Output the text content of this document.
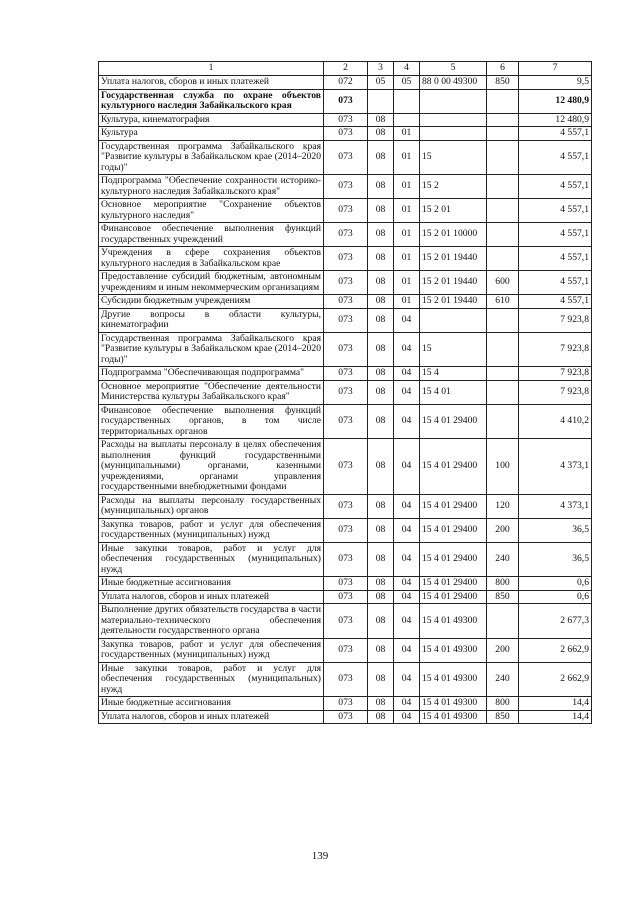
1	2	3	4	5	6	7
Уплата налогов, сборов и иных платежей	072	05	05	88 0 00 49300	850	9,5
Государственная служба по охране объектов культурного наследия Забайкальского края	073					12 480,9
Культура, кинематография	073	08				12 480,9
Культура	073	08	01			4 557,1
Государственная программа Забайкальского края "Развитие культуры в Забайкальском крае (2014–2020 годы)"	073	08	01	15		4 557,1
Подпрограмма "Обеспечение сохранности историко-культурного наследия Забайкальского края"	073	08	01	15 2		4 557,1
Основное мероприятие "Сохранение объектов культурного наследия"	073	08	01	15 2 01		4 557,1
Финансовое обеспечение выполнения функций государственных учреждений	073	08	01	15 2 01 10000		4 557,1
Учреждения в сфере сохранения объектов культурного наследия в Забайкальском крае	073	08	01	15 2 01 19440		4 557,1
Предоставление субсидий бюджетным, автономным учреждениям и иным некоммерческим организациям	073	08	01	15 2 01 19440	600	4 557,1
Субсидии бюджетным учреждениям	073	08	01	15 2 01 19440	610	4 557,1
Другие вопросы в области культуры, кинематографии	073	08	04			7 923,8
Государственная программа Забайкальского края "Развитие культуры в Забайкальском крае (2014–2020 годы)"	073	08	04	15		7 923,8
Подпрограмма "Обеспечивающая подпрограмма"	073	08	04	15 4		7 923,8
Основное мероприятие "Обеспечение деятельности Министерства культуры Забайкальского края"	073	08	04	15 4 01		7 923,8
Финансовое обеспечение выполнения функций государственных органов, в том числе территориальных органов	073	08	04	15 4 01 29400		4 410,2
Расходы на выплаты персоналу в целях обеспечения выполнения функций государственными (муниципальными) органами, казенными учреждениями, органами управления государственными внебюджетными фондами	073	08	04	15 4 01 29400	100	4 373,1
Расходы на выплаты персоналу государственных (муниципальных) органов	073	08	04	15 4 01 29400	120	4 373,1
Закупка товаров, работ и услуг для обеспечения государственных (муниципальных) нужд	073	08	04	15 4 01 29400	200	36,5
Иные закупки товаров, работ и услуг для обеспечения государственных (муниципальных) нужд	073	08	04	15 4 01 29400	240	36,5
Иные бюджетные ассигнования	073	08	04	15 4 01 29400	800	0,6
Уплата налогов, сборов и иных платежей	073	08	04	15 4 01 29400	850	0,6
Выполнение других обязательств государства в части материально-технического обеспечения деятельности государственного органа	073	08	04	15 4 01 49300		2 677,3
Закупка товаров, работ и услуг для обеспечения государственных (муниципальных) нужд	073	08	04	15 4 01 49300	200	2 662,9
Иные закупки товаров, работ и услуг для обеспечения государственных (муниципальных) нужд	073	08	04	15 4 01 49300	240	2 662,9
Иные бюджетные ассигнования	073	08	04	15 4 01 49300	800	14,4
Уплата налогов, сборов и иных платежей	073	08	04	15 4 01 49300	850	14,4
139
